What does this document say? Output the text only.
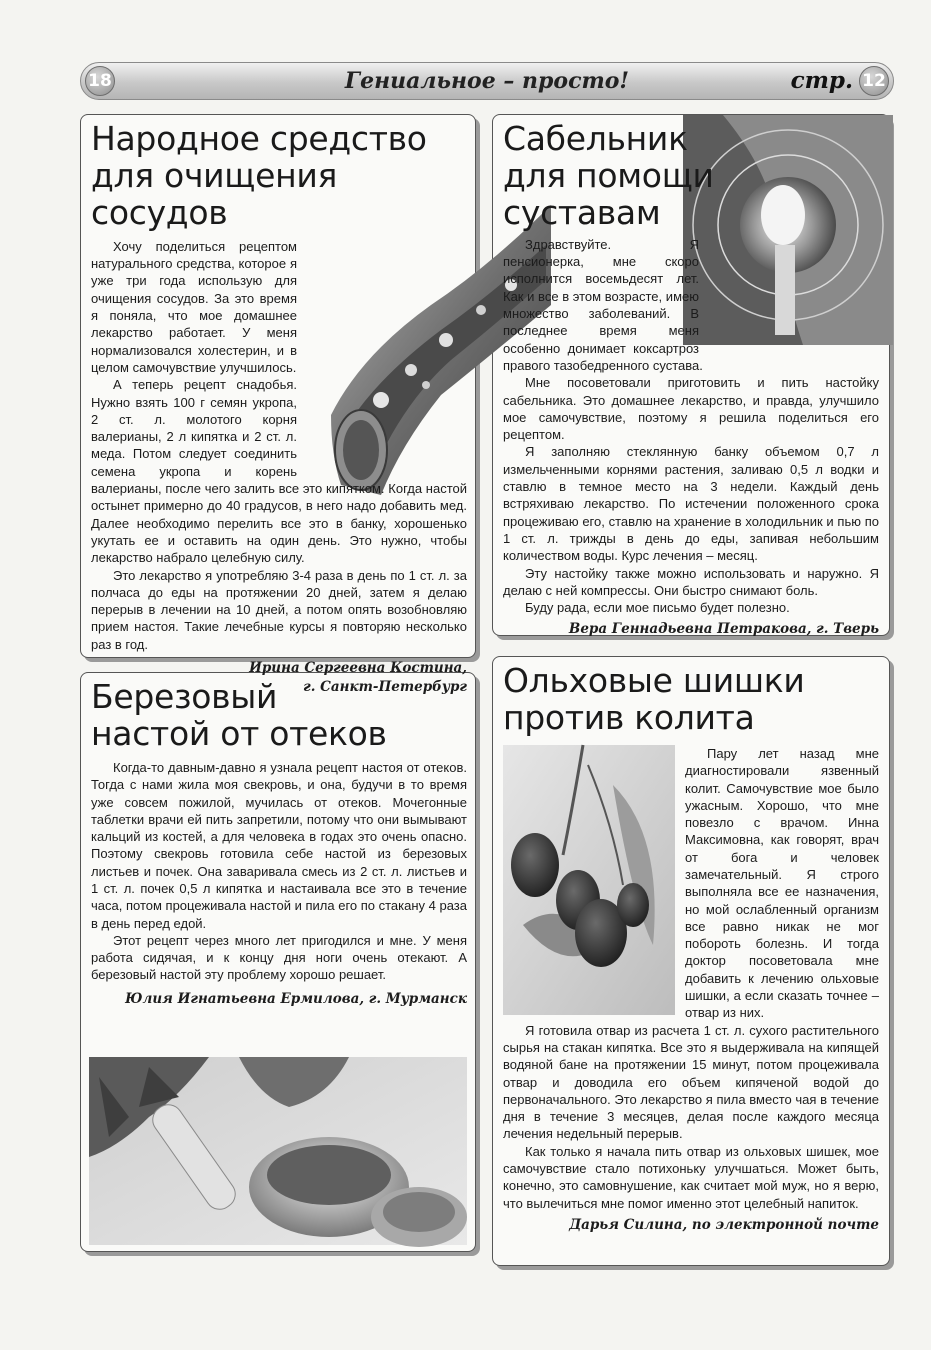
18	Гениальное – просто!	стр. 12
Народное средство
для очищения сосудов

Хочу поделиться рецептом натурального средства, которое я уже три года использую для очищения сосудов. За это время я поняла, что мое домашнее лекарство работает. У меня нормализовался холестерин, и в целом самочувствие улучшилось.

А теперь рецепт снадобья. Нужно взять 100 г семян укропа, 2 ст. л. молотого корня валерианы, 2 л кипятка и 2 ст. л. меда. Потом следует соединить семена укропа и корень валерианы, после чего залить все это кипятком. Когда настой остынет примерно до 40 градусов, в него надо добавить мед. Далее необходимо перелить все это в банку, хорошенько укутать ее и оставить на один день. Это нужно, чтобы лекарство набрало целебную силу.

Это лекарство я употребляю 3-4 раза в день по 1 ст. л. за полчаса до еды на протяжении 20 дней, затем я делаю перерыв в лечении на 10 дней, а потом опять возобновляю прием настоя. Такие лечебные курсы я повторяю несколько раз в год.

Ирина Сергеевна Костина,
г. Санкт-Петербург
Сабельник
для помощи
суставам

Здравствуйте. Я пенсионерка, мне скоро исполнится восемьдесят лет. Как и все в этом возрасте, имею множество заболеваний. В последнее время меня особенно донимает коксартроз правого тазобедренного сустава.

Мне посоветовали приготовить и пить настойку сабельника. Это домашнее лекарство, и правда, улучшило мое самочувствие, поэтому я решила поделиться его рецептом.

Я заполняю стеклянную банку объемом 0,7 л измельченными корнями растения, заливаю 0,5 л водки и ставлю в темное место на 3 недели. Каждый день встряхиваю лекарство. По истечении положенного срока процеживаю его, ставлю на хранение в холодильник и пью по 1 ст. л. трижды в день до еды, запивая небольшим количеством воды. Курс лечения – месяц.

Эту настойку также можно использовать и наружно. Я делаю с ней компрессы. Они быстро снимают боль.

Буду рада, если мое письмо будет полезно.

Вера Геннадьевна Петракова, г. Тверь
Березовый
настой от отеков

Когда-то давным-давно я узнала рецепт настоя от отеков. Тогда с нами жила моя свекровь, и она, будучи в то время уже совсем пожилой, мучилась от отеков. Мочегонные таблетки врачи ей пить запретили, потому что они вымывают кальций из костей, а для человека в годах это очень опасно. Поэтому свекровь готовила себе настой из березовых листьев и почек. Она заваривала смесь из 2 ст. л. листьев и 1 ст. л. почек 0,5 л кипятка и настаивала все это в течение часа, потом процеживала настой и пила его по стакану 4 раза в день перед едой.

Этот рецепт через много лет пригодился и мне. У меня работа сидячая, и к концу дня ноги очень отекают. А березовый настой эту проблему хорошо решает.

Юлия Игнатьевна Ермилова, г. Мурманск
Ольховые шишки
против колита

Пару лет назад мне диагностировали язвенный колит. Самочувствие мое было ужасным. Хорошо, что мне повезло с врачом. Инна Максимовна, как говорят, врач от бога и человек замечательный. Я строго выполняла все ее назначения, но мой ослабленный организм все равно никак не мог побороть болезнь. И тогда доктор посоветовала мне добавить к лечению ольховые шишки, а если сказать точнее – отвар из них.

Я готовила отвар из расчета 1 ст. л. сухого растительного сырья на стакан кипятка. Все это я выдерживала на кипящей водяной бане на протяжении 15 минут, потом процеживала отвар и доводила его объем кипяченой водой до первоначального. Это лекарство я пила вместо чая в течение дня в течение 3 месяцев, делая после каждого месяца лечения недельный перерыв.

Как только я начала пить отвар из ольховых шишек, мое самочувствие стало потихоньку улучшаться. Может быть, конечно, это самовнушение, как считает мой муж, но я верю, что вылечиться мне помог именно этот целебный напиток.

Дарья Силина, по электронной почте
